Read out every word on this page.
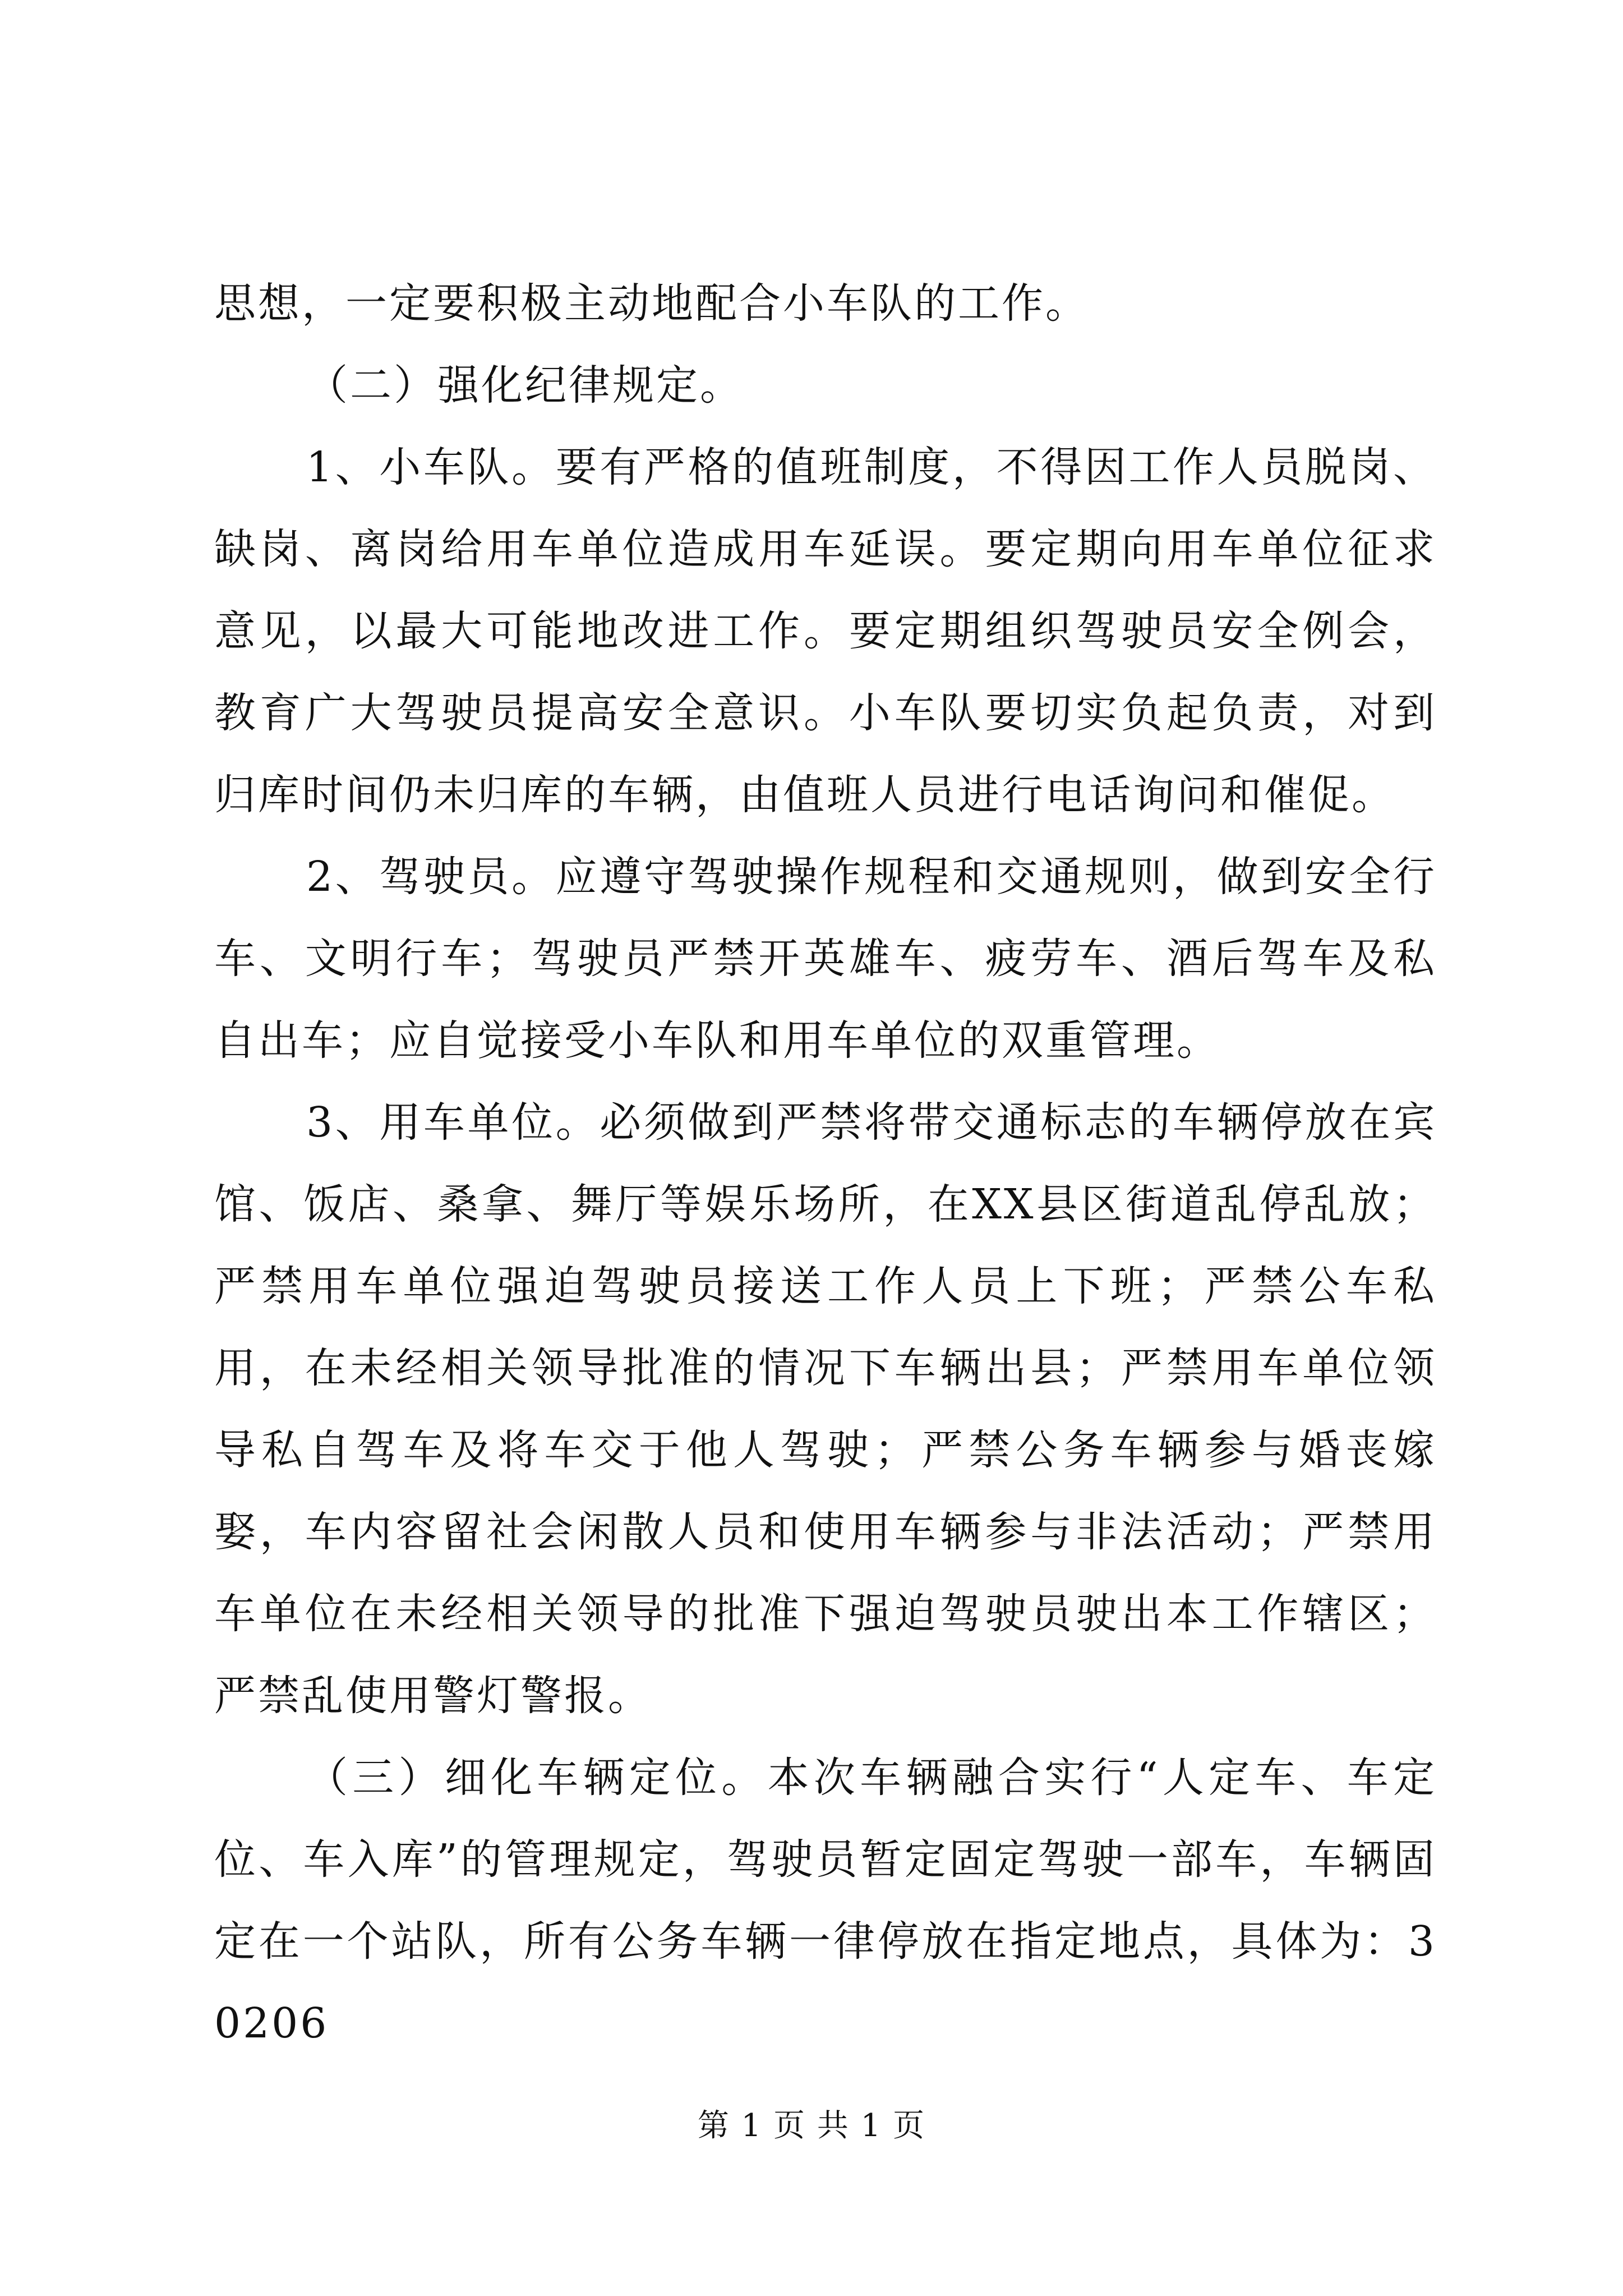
思想，一定要积极主动地配合小车队的工作。

（二）强化纪律规定。

1、小车队。要有严格的值班制度，不得因工作人员脱岗、缺岗、离岗给用车单位造成用车延误。要定期向用车单位征求意见，以最大可能地改进工作。要定期组织驾驶员安全例会，教育广大驾驶员提高安全意识。小车队要切实负起负责，对到归库时间仍未归库的车辆，由值班人员进行电话询问和催促。

2、驾驶员。应遵守驾驶操作规程和交通规则，做到安全行车、文明行车；驾驶员严禁开英雄车、疲劳车、酒后驾车及私自出车；应自觉接受小车队和用车单位的双重管理。

3、用车单位。必须做到严禁将带交通标志的车辆停放在宾馆、饭店、桑拿、舞厅等娱乐场所，在XX县区街道乱停乱放；严禁用车单位强迫驾驶员接送工作人员上下班；严禁公车私用，在未经相关领导批准的情况下车辆出县；严禁用车单位领导私自驾车及将车交于他人驾驶；严禁公务车辆参与婚丧嫁娶，车内容留社会闲散人员和使用车辆参与非法活动；严禁用车单位在未经相关领导的批准下强迫驾驶员驶出本工作辖区；严禁乱使用警灯警报。

（三）细化车辆定位。本次车辆融合实行“人定车、车定位、车入库”的管理规定，驾驶员暂定固定驾驶一部车，车辆固定在一个站队，所有公务车辆一律停放在指定地点，具体为：30206

第 1 页 共 1 页
